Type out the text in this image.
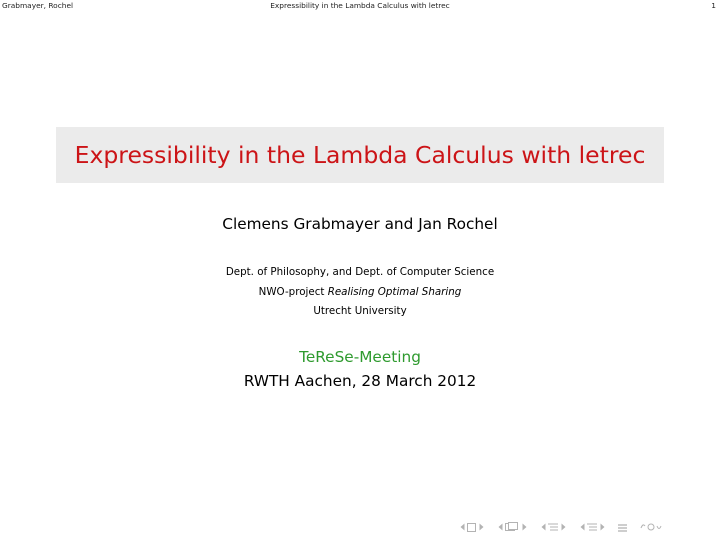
Grabmayer, Rochel	Expressibility in the Lambda Calculus with letrec	1
Expressibility in the Lambda Calculus with letrec
Clemens Grabmayer and Jan Rochel
Dept. of Philosophy, and Dept. of Computer Science
NWO-project Realising Optimal Sharing
Utrecht University
TeReSe-Meeting
RWTH Aachen, 28 March 2012
